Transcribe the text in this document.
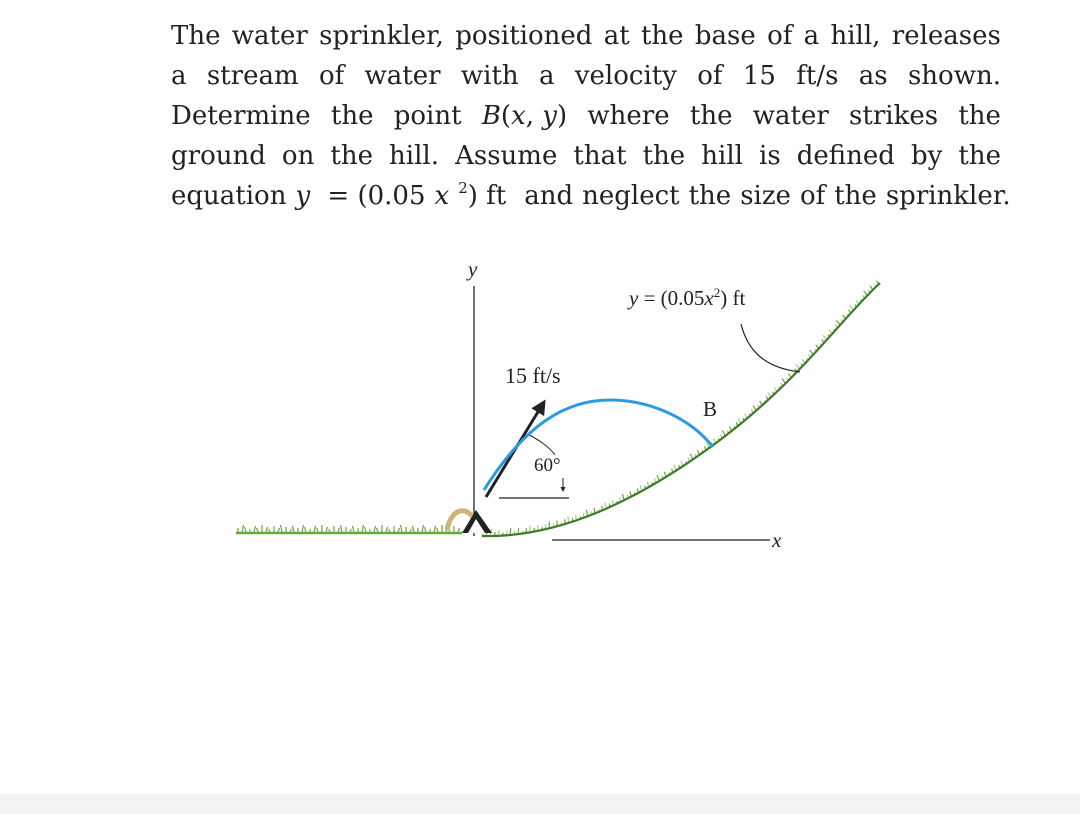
The water sprinkler, positioned at the base of a hill, releases
a stream of water with a velocity of 15 ft/s as shown.
Determine the point B(x, y) where the water strikes the
ground on the hill. Assume that the hill is defined by the
equation y = (0.05 x $^2$) ft and neglect the size of the sprinkler.
y
x
15 ft/s
60°
B
$y = (0.05x^2)$ ft
